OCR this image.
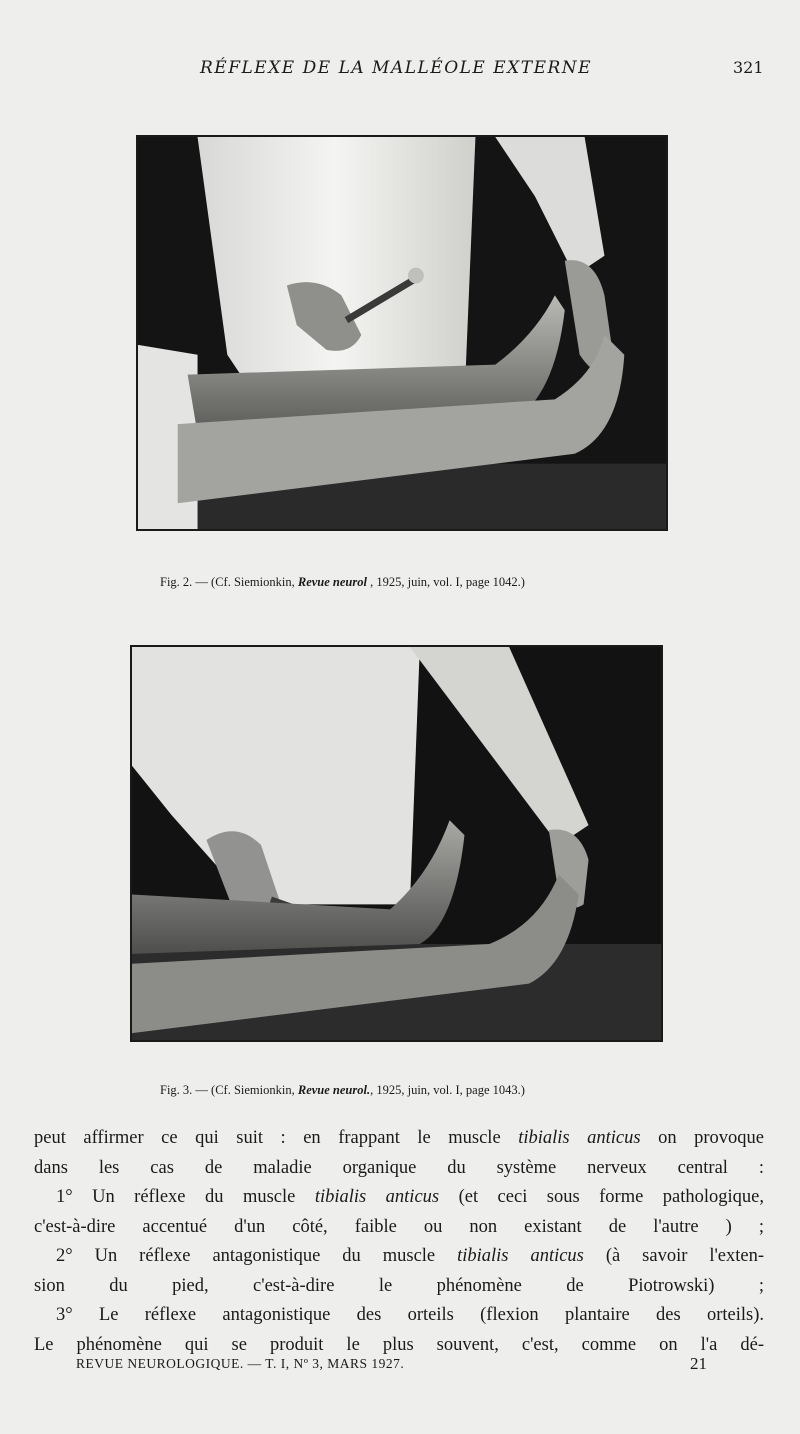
RÉFLEXE DE LA MALLÉOLE EXTERNE	321
Fig. 2. — (Cf. Siemionkin, Revue neurol , 1925, juin, vol. I, page 1042.)
Fig. 3. — (Cf. Siemionkin, Revue neurol., 1925, juin, vol. I, page 1043.)

peut affirmer ce qui suit : en frappant le muscle tibialis anticus on provoque

dans les cas de maladie organique du système nerveux central :

1° Un réflexe du muscle tibialis anticus (et ceci sous forme pathologique,

c'est-à-dire accentué d'un côté, faible ou non existant de l'autre ) ;

2° Un réflexe antagonistique du muscle tibialis anticus (à savoir l'exten-

sion du pied, c'est-à-dire le phénomène de Piotrowski) ;

3° Le réflexe antagonistique des orteils (flexion plantaire des orteils).

Le phénomène qui se produit le plus souvent, c'est, comme on l'a dé-

REVUE NEUROLOGIQUE. — T. I, Nº 3, MARS 1927.	21
